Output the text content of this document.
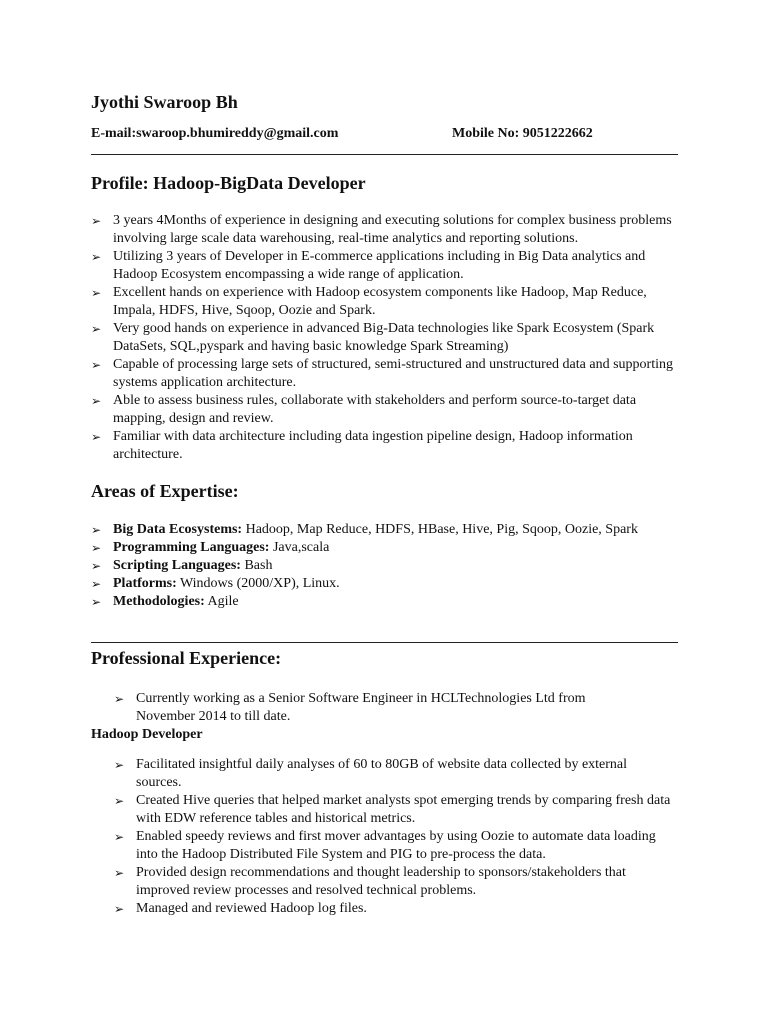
Jyothi Swaroop Bh
E-mail:swaroop.bhumireddy@gmail.com	Mobile No: 9051222662
Profile: Hadoop-BigData Developer
➢ 3 years 4Months of experience in designing and executing solutions for complex business problems involving large scale data warehousing, real-time analytics and reporting solutions.
➢ Utilizing 3 years of Developer in E-commerce applications including in Big Data analytics and Hadoop Ecosystem encompassing a wide range of application.
➢ Excellent hands on experience with Hadoop ecosystem components like Hadoop, Map Reduce, Impala, HDFS, Hive, Sqoop, Oozie and Spark.
➢ Very good hands on experience in advanced Big-Data technologies like Spark Ecosystem (Spark DataSets, SQL,pyspark and having basic knowledge Spark Streaming)
➢ Capable of processing large sets of structured, semi-structured and unstructured data and supporting systems application architecture.
➢ Able to assess business rules, collaborate with stakeholders and perform source-to-target data mapping, design and review.
➢ Familiar with data architecture including data ingestion pipeline design, Hadoop information architecture.
Areas of Expertise:
➢ Big Data Ecosystems: Hadoop, Map Reduce, HDFS, HBase, Hive, Pig, Sqoop, Oozie, Spark
➢ Programming Languages: Java,scala
➢ Scripting Languages: Bash
➢ Platforms: Windows (2000/XP), Linux.
➢ Methodologies: Agile
Professional Experience:
➢ Currently working as a Senior Software Engineer in HCLTechnologies Ltd from November 2014 to till date.
Hadoop Developer
➢ Facilitated insightful daily analyses of 60 to 80GB of website data collected by external sources.
➢ Created Hive queries that helped market analysts spot emerging trends by comparing fresh data with EDW reference tables and historical metrics.
➢ Enabled speedy reviews and first mover advantages by using Oozie to automate data loading into the Hadoop Distributed File System and PIG to pre-process the data.
➢ Provided design recommendations and thought leadership to sponsors/stakeholders that improved review processes and resolved technical problems.
➢ Managed and reviewed Hadoop log files.
